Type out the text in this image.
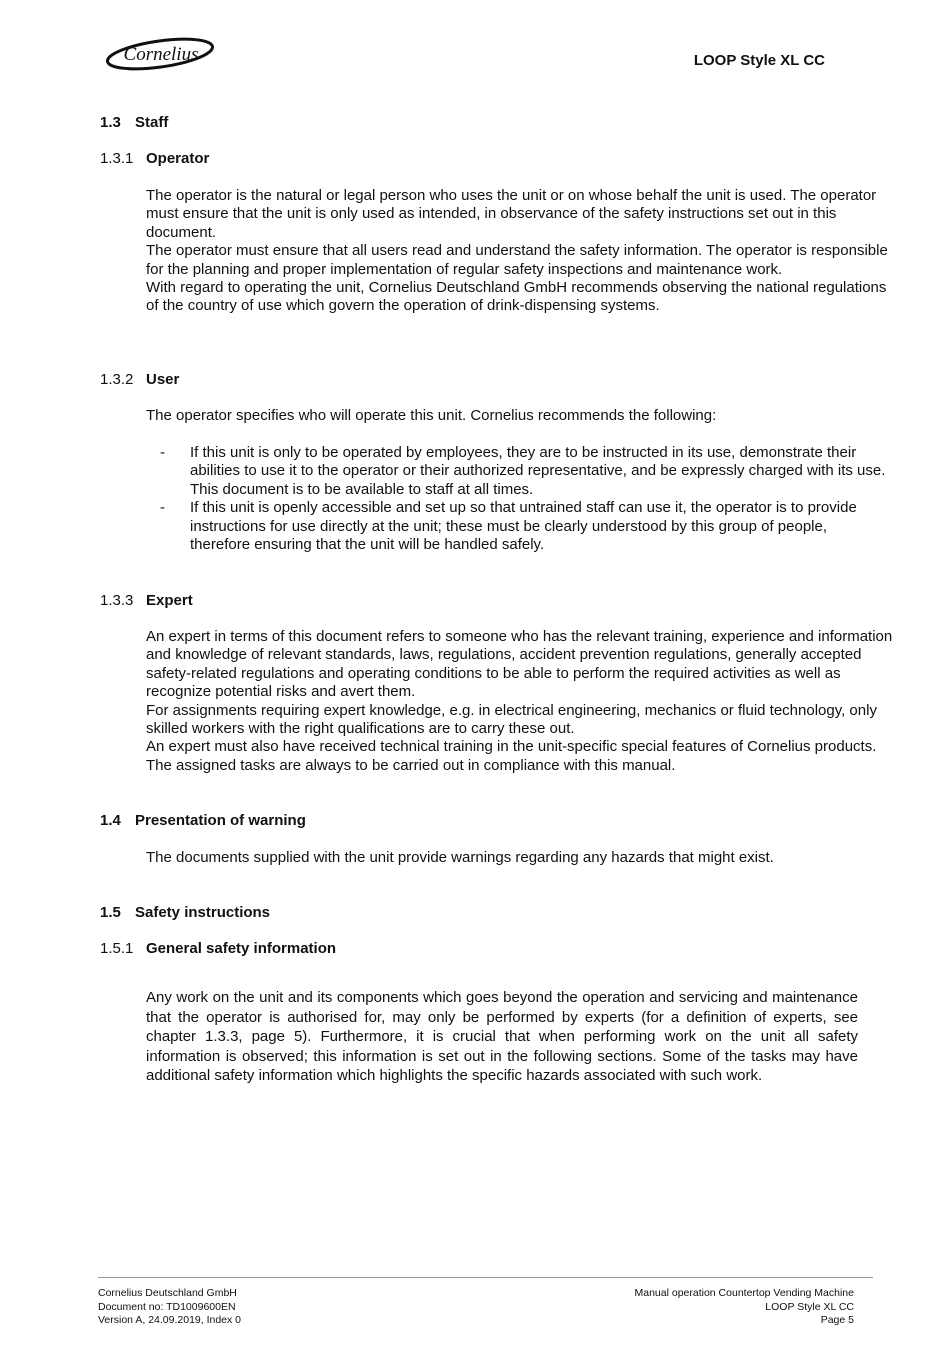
Cornelius	LOOP Style XL CC
1.3 Staff
1.3.1 Operator

The operator is the natural or legal person who uses the unit or on whose behalf the unit is used. The operator must ensure that the unit is only used as intended, in observance of the safety instructions set out in this document.

The operator must ensure that all users read and understand the safety information. The operator is responsible for the planning and proper implementation of regular safety inspections and maintenance work.

With regard to operating the unit, Cornelius Deutschland GmbH recommends observing the national regulations of the country of use which govern the operation of drink-dispensing systems.

1.3.2 User

The operator specifies who will operate this unit. Cornelius recommends the following:

- If this unit is only to be operated by employees, they are to be instructed in its use, demonstrate their abilities to use it to the operator or their authorized representative, and be expressly charged with its use. This document is to be available to staff at all times.
- If this unit is openly accessible and set up so that untrained staff can use it, the operator is to provide instructions for use directly at the unit; these must be clearly understood by this group of people, therefore ensuring that the unit will be handled safely.
1.3.3 Expert

An expert in terms of this document refers to someone who has the relevant training, experience and information and knowledge of relevant standards, laws, regulations, accident prevention regulations, generally accepted safety-related regulations and operating conditions to be able to perform the required activities as well as recognize potential risks and avert them.

For assignments requiring expert knowledge, e.g. in electrical engineering, mechanics or fluid technology, only skilled workers with the right qualifications are to carry these out.

An expert must also have received technical training in the unit-specific special features of Cornelius products. The assigned tasks are always to be carried out in compliance with this manual.

1.4 Presentation of warning

The documents supplied with the unit provide warnings regarding any hazards that might exist.

1.5 Safety instructions
1.5.1 General safety information

Any work on the unit and its components which goes beyond the operation and servicing and maintenance that the operator is authorised for, may only be performed by experts (for a definition of experts, see chapter 1.3.3, page 5). Furthermore, it is crucial that when performing work on the unit all safety information is observed; this information is set out in the following sections. Some of the tasks may have additional safety information which highlights the specific hazards associated with such work.

Cornelius Deutschland GmbH
Document no: TD1009600EN
Version A, 24.09.2019, Index 0
Manual operation Countertop Vending Machine
LOOP Style XL CC
Page 5
